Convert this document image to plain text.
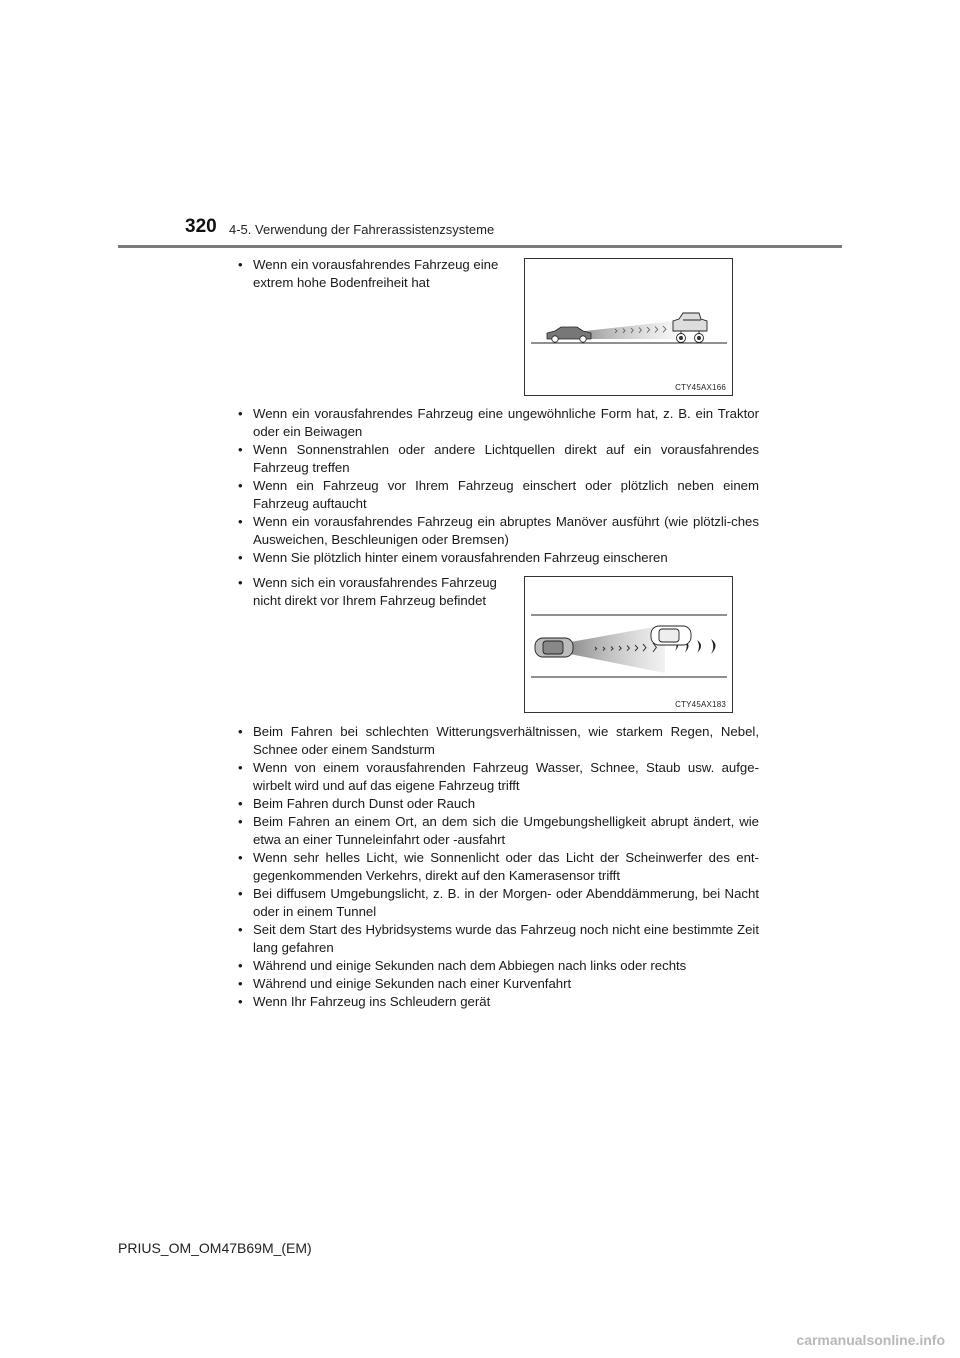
320 4-5. Verwendung der Fahrerassistenzsysteme
• Wenn ein vorausfahrendes Fahrzeug eine extrem hohe Bodenfreiheit hat
CTY45AX166
• Wenn ein vorausfahrendes Fahrzeug eine ungewöhnliche Form hat, z. B. ein Traktor oder ein Beiwagen
• Wenn Sonnenstrahlen oder andere Lichtquellen direkt auf ein vorausfahrendes Fahrzeug treffen
• Wenn ein Fahrzeug vor Ihrem Fahrzeug einschert oder plötzlich neben einem Fahrzeug auftaucht
• Wenn ein vorausfahrendes Fahrzeug ein abruptes Manöver ausführt (wie plötzli-ches Ausweichen, Beschleunigen oder Bremsen)
• Wenn Sie plötzlich hinter einem vorausfahrenden Fahrzeug einscheren
• Wenn sich ein vorausfahrendes Fahrzeug nicht direkt vor Ihrem Fahrzeug befindet
CTY45AX183
• Beim Fahren bei schlechten Witterungsverhältnissen, wie starkem Regen, Nebel, Schnee oder einem Sandsturm
• Wenn von einem vorausfahrenden Fahrzeug Wasser, Schnee, Staub usw. aufge-wirbelt wird und auf das eigene Fahrzeug trifft
• Beim Fahren durch Dunst oder Rauch
• Beim Fahren an einem Ort, an dem sich die Umgebungshelligkeit abrupt ändert, wie etwa an einer Tunneleinfahrt oder -ausfahrt
• Wenn sehr helles Licht, wie Sonnenlicht oder das Licht der Scheinwerfer des ent-gegenkommenden Verkehrs, direkt auf den Kamerasensor trifft
• Bei diffusem Umgebungslicht, z. B. in der Morgen- oder Abenddämmerung, bei Nacht oder in einem Tunnel
• Seit dem Start des Hybridsystems wurde das Fahrzeug noch nicht eine bestimmte Zeit lang gefahren
• Während und einige Sekunden nach dem Abbiegen nach links oder rechts
• Während und einige Sekunden nach einer Kurvenfahrt
• Wenn Ihr Fahrzeug ins Schleudern gerät
PRIUS_OM_OM47B69M_(EM)
carmanualsonline.info
